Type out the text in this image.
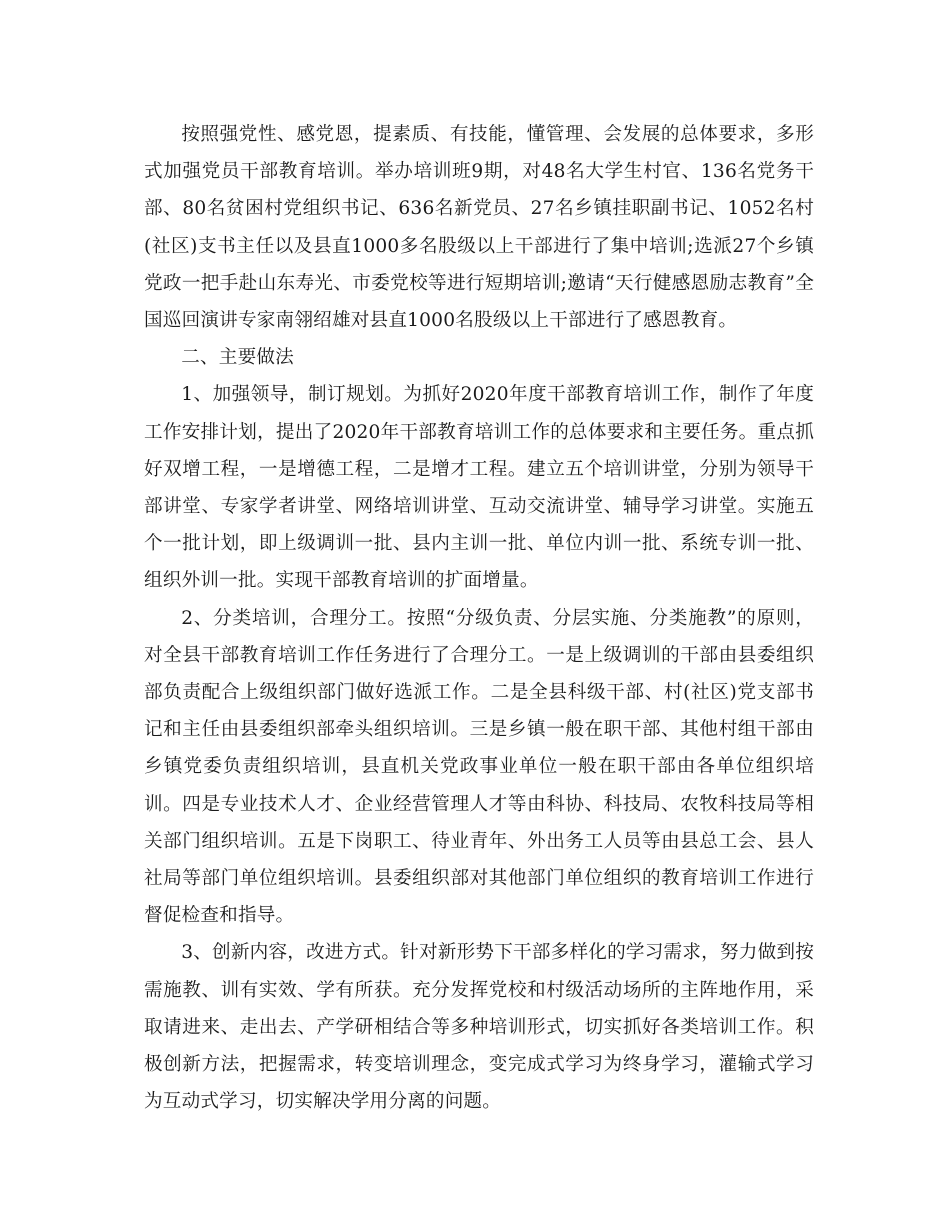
按照强党性、感党恩，提素质、有技能，懂管理、会发展的总体要求，多形式加强党员干部教育培训。举办培训班9期，对48名大学生村官、136名党务干部、80名贫困村党组织书记、636名新党员、27名乡镇挂职副书记、1052名村(社区)支书主任以及县直1000多名股级以上干部进行了集中培训;选派27个乡镇党政一把手赴山东寿光、市委党校等进行短期培训;邀请“天行健感恩励志教育”全国巡回演讲专家南翎绍雄对县直1000名股级以上干部进行了感恩教育。

二、主要做法

1、加强领导，制订规划。为抓好2020年度干部教育培训工作，制作了年度工作安排计划，提出了2020年干部教育培训工作的总体要求和主要任务。重点抓好双增工程，一是增德工程，二是增才工程。建立五个培训讲堂，分别为领导干部讲堂、专家学者讲堂、网络培训讲堂、互动交流讲堂、辅导学习讲堂。实施五个一批计划，即上级调训一批、县内主训一批、单位内训一批、系统专训一批、组织外训一批。实现干部教育培训的扩面增量。

2、分类培训，合理分工。按照“分级负责、分层实施、分类施教”的原则，对全县干部教育培训工作任务进行了合理分工。一是上级调训的干部由县委组织部负责配合上级组织部门做好选派工作。二是全县科级干部、村(社区)党支部书记和主任由县委组织部牵头组织培训。三是乡镇一般在职干部、其他村组干部由乡镇党委负责组织培训，县直机关党政事业单位一般在职干部由各单位组织培训。四是专业技术人才、企业经营管理人才等由科协、科技局、农牧科技局等相关部门组织培训。五是下岗职工、待业青年、外出务工人员等由县总工会、县人社局等部门单位组织培训。县委组织部对其他部门单位组织的教育培训工作进行督促检查和指导。

3、创新内容，改进方式。针对新形势下干部多样化的学习需求，努力做到按需施教、训有实效、学有所获。充分发挥党校和村级活动场所的主阵地作用，采取请进来、走出去、产学研相结合等多种培训形式，切实抓好各类培训工作。积极创新方法，把握需求，转变培训理念，变完成式学习为终身学习，灌输式学习为互动式学习，切实解决学用分离的问题。
